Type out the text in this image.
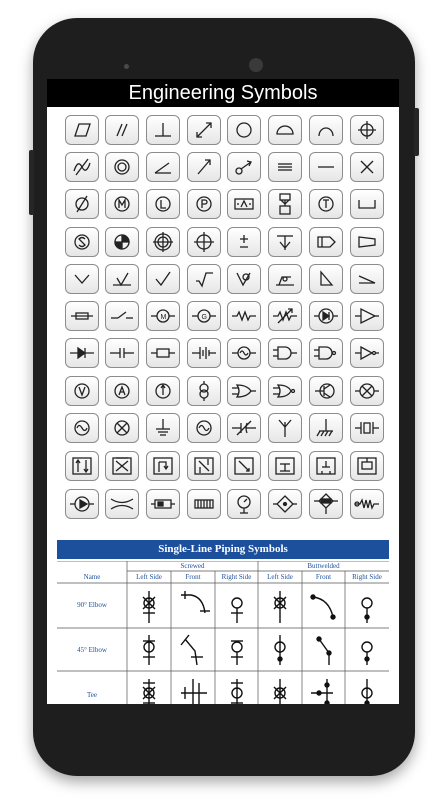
Engineering Symbols
M	G
Single-Line Piping Symbols
Screwed	Buttwelded
Name	Left Side	Front	Right Side	Left Side	Front	Right Side
90° Elbow
45° Elbow
Tee
